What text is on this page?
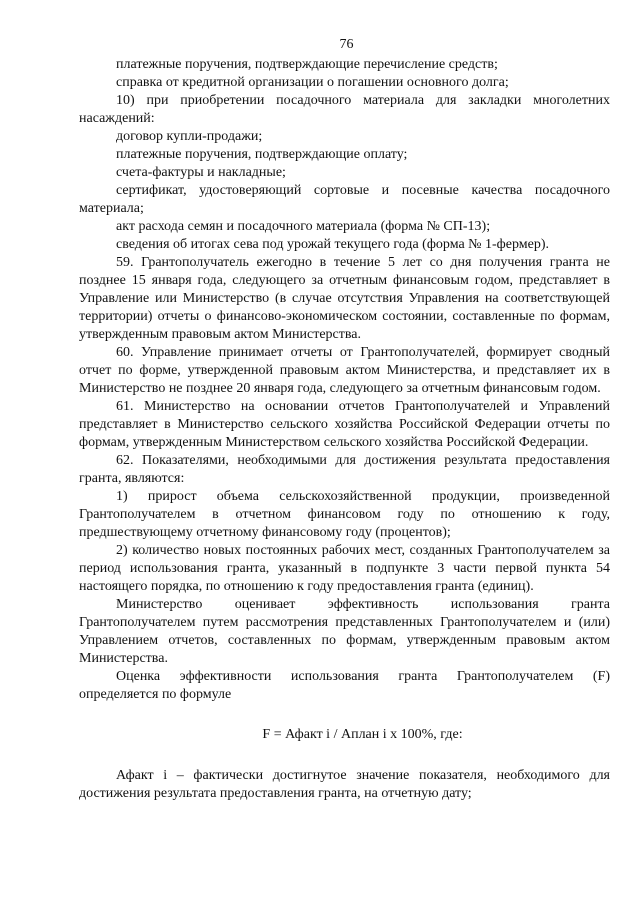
76

платежные поручения, подтверждающие перечисление средств;

справка от кредитной организации о погашении основного долга;

10) при приобретении посадочного материала для закладки многолетних насаждений:

договор купли-продажи;

платежные поручения, подтверждающие оплату;

счета-фактуры и накладные;

сертификат, удостоверяющий сортовые и посевные качества посадочного материала;

акт расхода семян и посадочного материала (форма № СП-13);

сведения об итогах сева под урожай текущего года (форма № 1-фермер).

59. Грантополучатель ежегодно в течение 5 лет со дня получения гранта не позднее 15 января года, следующего за отчетным финансовым годом, представляет в Управление или Министерство (в случае отсутствия Управления на соответствующей территории) отчеты о финансово-экономическом состоянии, составленные по формам, утвержденным правовым актом Министерства.

60. Управление принимает отчеты от Грантополучателей, формирует сводный отчет по форме, утвержденной правовым актом Министерства, и представляет их в Министерство не позднее 20 января года, следующего за отчетным финансовым годом.

61. Министерство на основании отчетов Грантополучателей и Управлений представляет в Министерство сельского хозяйства Российской Федерации отчеты по формам, утвержденным Министерством сельского хозяйства Российской Федерации.

62. Показателями, необходимыми для достижения результата предоставления гранта, являются:

1) прирост объема сельскохозяйственной продукции, произведенной Грантополучателем в отчетном финансовом году по отношению к году, предшествующему отчетному финансовому году (процентов);

2) количество новых постоянных рабочих мест, созданных Грантополучателем за период использования гранта, указанный в подпункте 3 части первой пункта 54 настоящего порядка, по отношению к году предоставления гранта (единиц).

Министерство оценивает эффективность использования гранта Грантополучателем путем рассмотрения представленных Грантополучателем и (или) Управлением отчетов, составленных по формам, утвержденным правовым актом Министерства.

Оценка эффективности использования гранта Грантополучателем (F) определяется по формуле

F = Афакт i / Аплан i x 100%, где:

Афакт i – фактически достигнутое значение показателя, необходимого для достижения результата предоставления гранта, на отчетную дату;
